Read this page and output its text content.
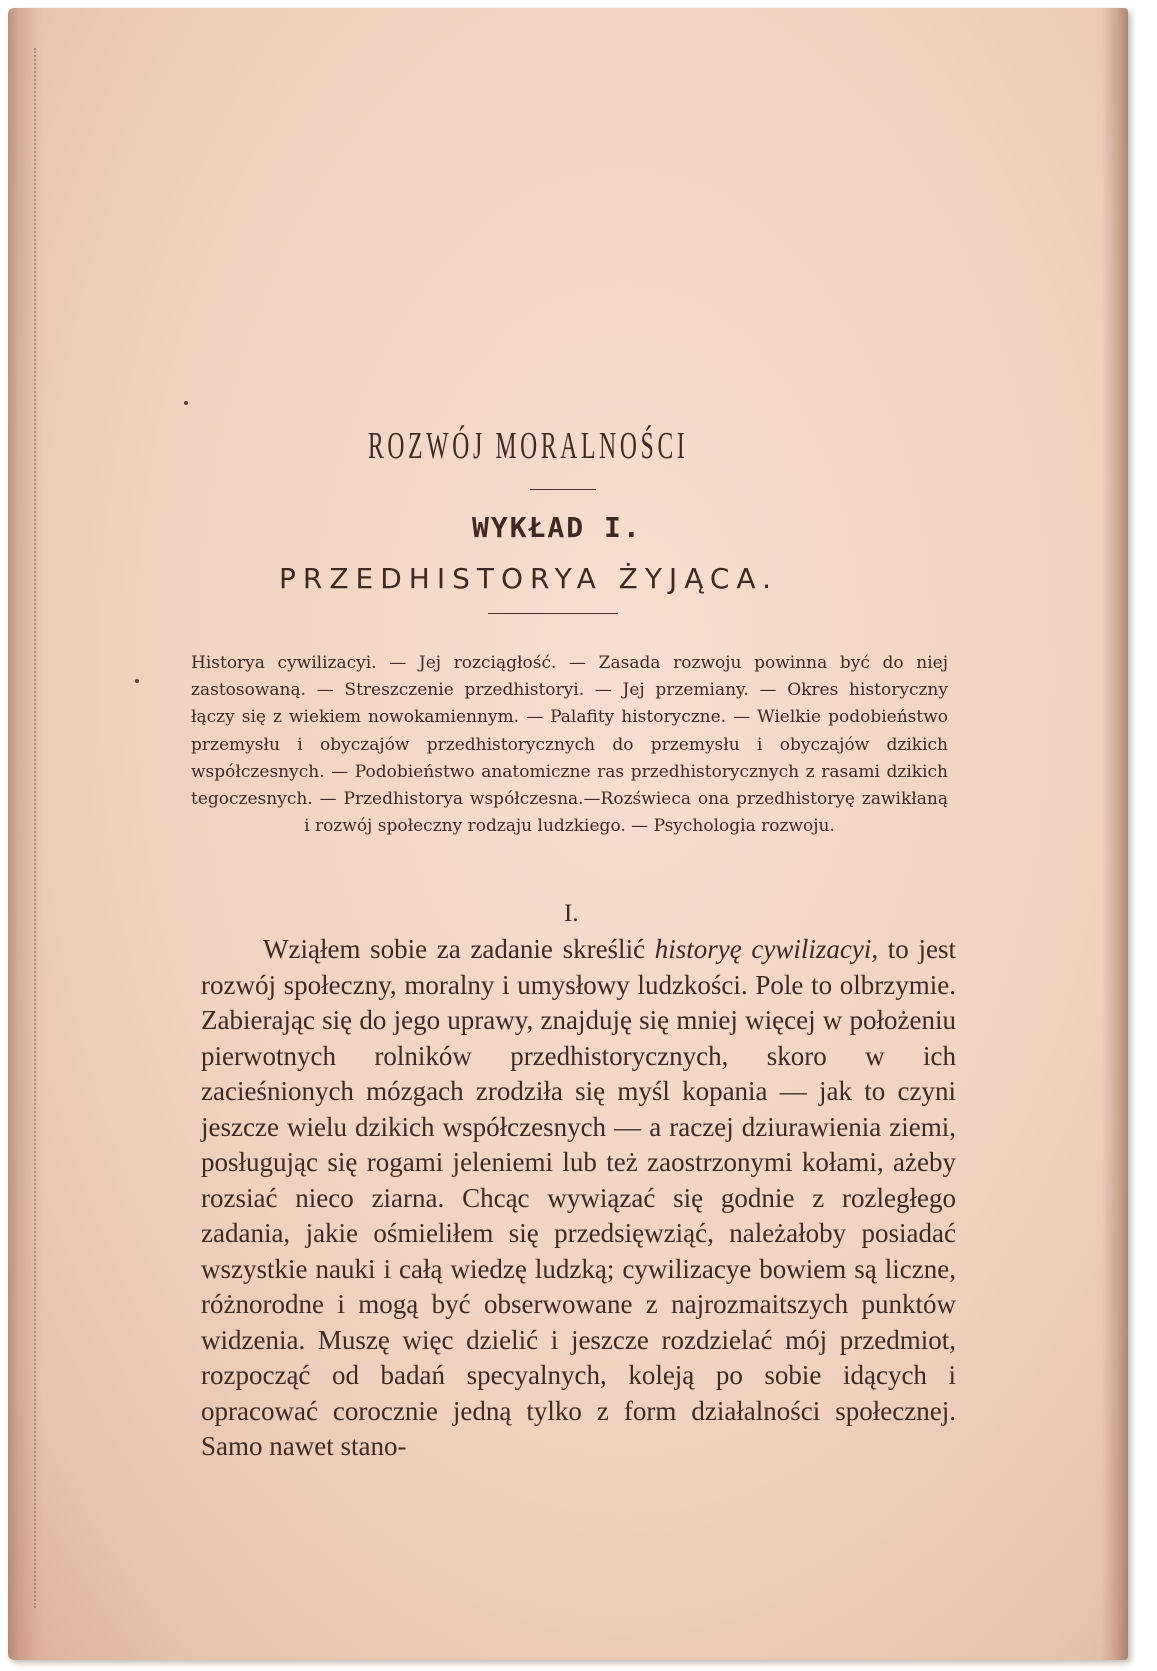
ROZWÓJ MORALNOŚCI
WYKŁAD I.
PRZEDHISTORYA ŻYJĄCA.
Historya cywilizacyi. — Jej rozciągłość. — Zasada rozwoju powinna być do niej zastosowaną. — Streszczenie przedhistoryi. — Jej przemiany. — Okres historyczny łączy się z wiekiem nowokamiennym. — Palafity historyczne. — Wielkie podobieństwo przemysłu i obyczajów przedhistorycznych do przemysłu i obyczajów dzikich współczesnych. — Podobieństwo anatomiczne ras przedhistorycznych z rasami dzikich tegoczesnych. — Przedhistorya współczesna.—Rozświeca ona przedhistoryę zawikłaną i rozwój społeczny rodzaju ludzkiego. — Psychologia rozwoju.
I.
Wziąłem sobie za zadanie skreślić historyę cywilizacyi, to jest rozwój społeczny, moralny i umysłowy ludzkości. Pole to olbrzymie. Zabierając się do jego uprawy, znajduję się mniej więcej w położeniu pierwotnych rolników przedhistorycznych, skoro w ich zacieśnionych mózgach zrodziła się myśl kopania — jak to czyni jeszcze wielu dzikich współczesnych — a raczej dziurawienia ziemi, posługując się rogami jeleniemi lub też zaostrzonymi kołami, ażeby rozsiać nieco ziarna. Chcąc wywiązać się godnie z rozległego zadania, jakie ośmieliłem się przedsięwziąć, należałoby posiadać wszystkie nauki i całą wiedzę ludzką; cywilizacye bowiem są liczne, różnorodne i mogą być obserwowane z najrozmaitszych punktów widzenia. Muszę więc dzielić i jeszcze rozdzielać mój przedmiot, rozpocząć od badań specyalnych, koleją po sobie idących i opracować corocznie jedną tylko z form działalności społecznej. Samo nawet stano-
